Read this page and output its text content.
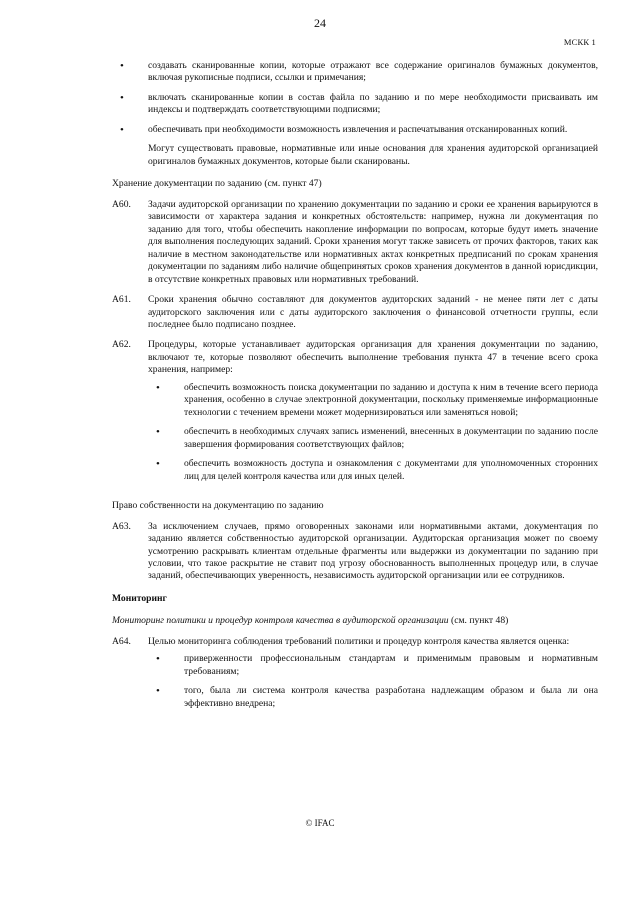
24
МСКК 1
• создавать сканированные копии, которые отражают все содержание оригиналов бумажных документов, включая рукописные подписи, ссылки и примечания;
• включать сканированные копии в состав файла по заданию и по мере необходимости присваивать им индексы и подтверждать соответствующими подписями;
• обеспечивать при необходимости возможность извлечения и распечатывания отсканированных копий.
Могут существовать правовые, нормативные или иные основания для хранения аудиторской организацией оригиналов бумажных документов, которые были сканированы.
Хранение документации по заданию (см. пункт 47)
А60.	Задачи аудиторской организации по хранению документации по заданию и сроки ее хранения варьируются в зависимости от характера задания и конкретных обстоятельств: например, нужна ли документация по заданию для того, чтобы обеспечить накопление информации по вопросам, которые будут иметь значение для выполнения последующих заданий. Сроки хранения могут также зависеть от прочих факторов, таких как наличие в местном законодательстве или нормативных актах конкретных предписаний по срокам хранения документации по заданиям либо наличие общепринятых сроков хранения документов в данной юрисдикции, в отсутствие конкретных правовых или нормативных требований.
А61.	Сроки хранения обычно составляют для документов аудиторских заданий - не менее пяти лет с даты аудиторского заключения или с даты аудиторского заключения о финансовой отчетности группы, если последнее было подписано позднее.
А62.	Процедуры, которые устанавливает аудиторская организация для хранения документации по заданию, включают те, которые позволяют обеспечить выполнение требования пункта 47 в течение всего срока хранения, например:
• обеспечить возможность поиска документации по заданию и доступа к ним в течение всего периода хранения, особенно в случае электронной документации, поскольку применяемые информационные технологии с течением времени может модернизироваться или заменяться новой;
• обеспечить в необходимых случаях запись изменений, внесенных в документации по заданию после завершения формирования соответствующих файлов;
• обеспечить возможность доступа и ознакомления с документами для уполномоченных сторонних лиц для целей контроля качества или для иных целей.
Право собственности на документацию по заданию
А63.	За исключением случаев, прямо оговоренных законами или нормативными актами, документация по заданию является собственностью аудиторской организации. Аудиторская организация может по своему усмотрению раскрывать клиентам отдельные фрагменты или выдержки из документации по заданию при условии, что такое раскрытие не ставит под угрозу обоснованность выполненных процедур или, в случае заданий, обеспечивающих уверенность, независимость аудиторской организации или ее сотрудников.
Мониторинг
Мониторинг политики и процедур контроля качества в аудиторской организации (см. пункт 48)
А64.	Целью мониторинга соблюдения требований политики и процедур контроля качества является оценка:
• приверженности профессиональным стандартам и применимым правовым и нормативным требованиям;
• того, была ли система контроля качества разработана надлежащим образом и была ли она эффективно внедрена;
© IFAC
